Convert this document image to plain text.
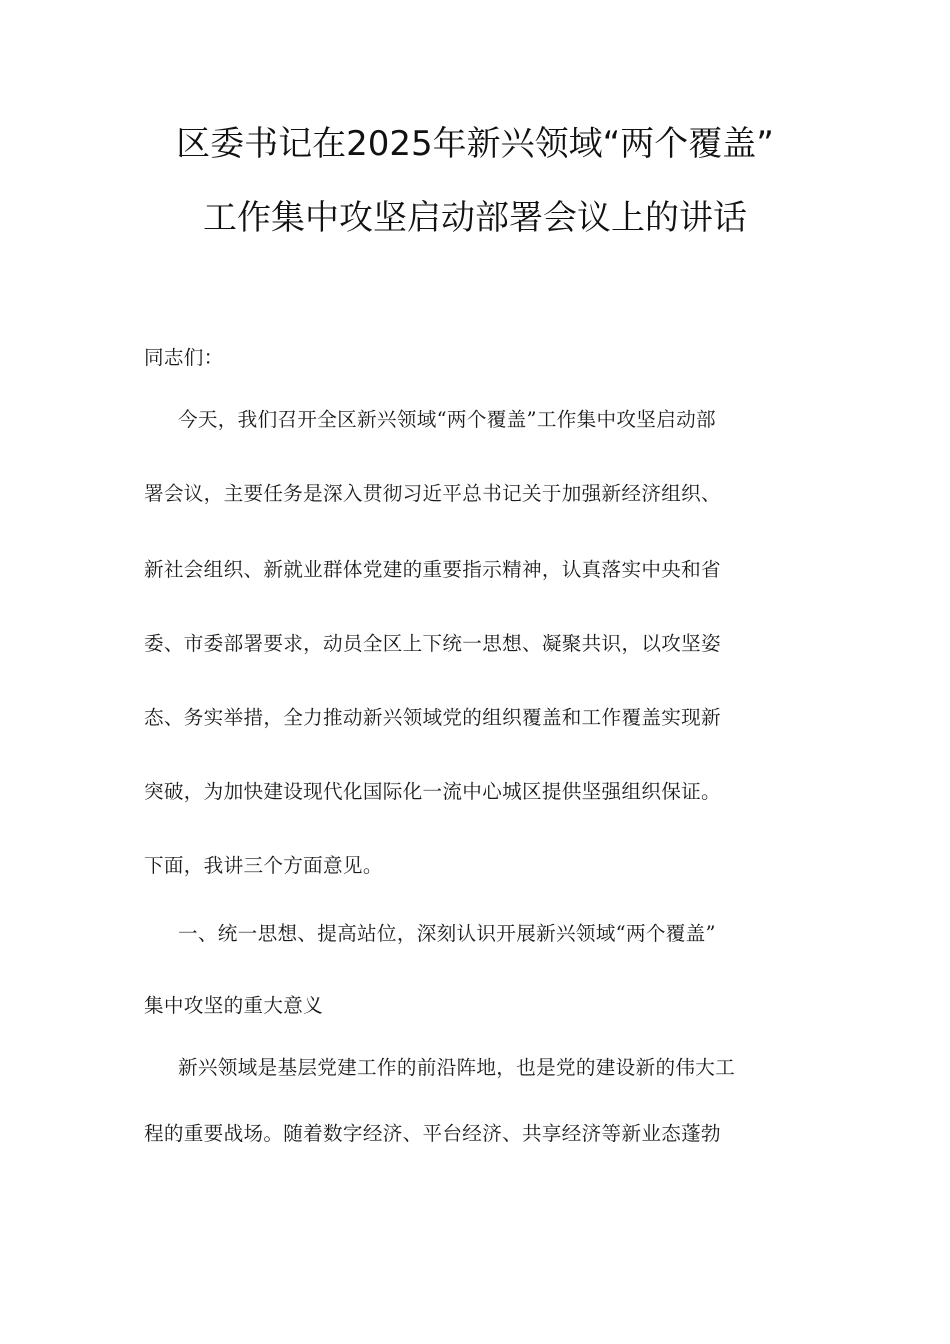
区委书记在2025年新兴领域“两个覆盖”
工作集中攻坚启动部署会议上的讲话
同志们：
今天，我们召开全区新兴领域“两个覆盖”工作集中攻坚启动部
署会议，主要任务是深入贯彻习近平总书记关于加强新经济组织、
新社会组织、新就业群体党建的重要指示精神，认真落实中央和省
委、市委部署要求，动员全区上下统一思想、凝聚共识，以攻坚姿
态、务实举措，全力推动新兴领域党的组织覆盖和工作覆盖实现新
突破，为加快建设现代化国际化一流中心城区提供坚强组织保证。
下面，我讲三个方面意见。
一、统一思想、提高站位，深刻认识开展新兴领域“两个覆盖”
集中攻坚的重大意义
新兴领域是基层党建工作的前沿阵地，也是党的建设新的伟大工
程的重要战场。随着数字经济、平台经济、共享经济等新业态蓬勃
